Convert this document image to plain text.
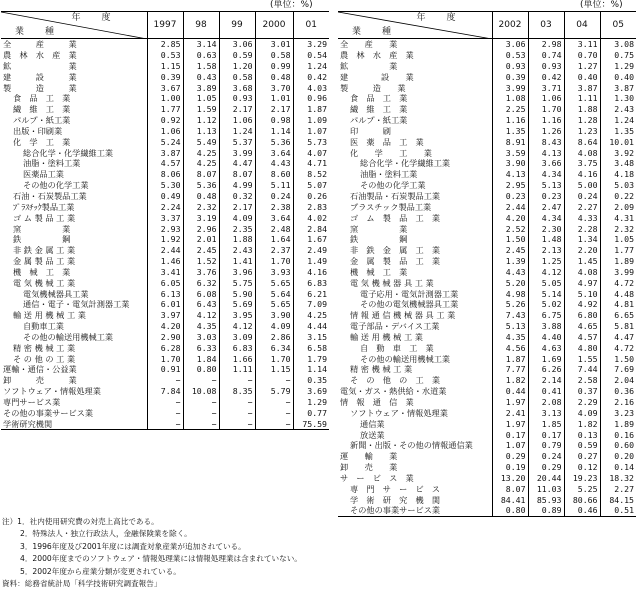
(単位：%)	(単位：%)
年　度
業　種	1997	98	99	2000	01
全　　　産　　　業	2.85	3.14	3.06	3.01	3.29
農　林　水　産　業	0.53	0.63	0.59	0.58	0.54
鉱　　　　　　　業	1.15	1.58	1.20	0.99	1.24
建　　　設　　　業	0.39	0.43	0.58	0.48	0.42
製　　　造　　　業	3.67	3.89	3.68	3.70	4.03
食　品　工　業	1.00	1.05	0.93	1.01	0.96
繊　維　工　業	1.77	1.59	2.17	2.17	1.87
パルプ・紙工業	0.92	1.12	1.06	0.98	1.09
出版・印刷業	1.06	1.13	1.24	1.14	1.07
化　学　工　業	5.24	5.49	5.37	5.36	5.73
総合化学・化学繊維工業	3.87	4.25	3.99	3.64	4.07
油脂・塗料工業	4.57	4.25	4.47	4.43	4.71
医薬品工業	8.06	8.07	8.07	8.60	8.52
その他の化学工業	5.30	5.36	4.99	5.11	5.07
石油・石炭製品工業	0.49	0.48	0.32	0.24	0.26
ﾌﾟﾗｽﾁｯｸ製品工業	2.24	2.32	2.17	2.38	2.83
ゴ ム 製 品 工 業	3.37	3.19	4.09	3.64	4.02
窯　　　　　業	2.93	2.96	2.35	2.48	2.84
鉄　　　　　鋼	1.92	2.01	1.88	1.64	1.67
非 鉄 金 属 工 業	2.44	2.45	2.43	2.37	2.49
金 属 製 品 工 業	1.46	1.52	1.41	1.70	1.49
機　械　工　業	3.41	3.76	3.96	3.93	4.16
電 気 機 械 工 業	6.05	6.32	5.75	5.65	6.83
電気機械器具工業	6.13	6.08	5.90	5.64	6.21
通信・電子・電気計測器工業	6.01	6.43	5.69	5.65	7.09
輸 送 用 機 械 工 業	3.97	4.12	3.95	3.90	4.25
自動車工業	4.20	4.35	4.12	4.09	4.44
その他の輸送用機械工業	2.90	3.03	3.09	2.86	3.15
精 密 機 械 工 業	6.28	6.33	6.83	6.34	6.58
そ の 他 の 工 業	1.70	1.84	1.66	1.70	1.79
運輸・通信・公益業	0.91	0.80	1.11	1.15	1.14
卸　　　売　　　業	−	−	−	−	0.35
ソフトウェア・情報処理業	7.84	10.08	8.35	5.79	3.69
専門サービス業	−	−	−	−	1.29
その他の事業サービス業	−	−	−	−	0.77
学術研究機関	−	−	−	−	75.59
年　度
業　種	2002	03	04	05
全　　産　　業	3.06	2.98	3.11	3.08
農　林　水　産　業	0.53	0.74	0.70	0.75
鉱　　　　　業	0.93	0.93	1.27	1.29
建　　　　設　　業	0.39	0.42	0.40	0.40
製　　　造　　業	3.99	3.71	3.87	3.87
食　品　工　業	1.08	1.06	1.11	1.30
繊　維　工　業	2.25	1.70	1.88	2.43
パルプ・紙工業	1.16	1.16	1.28	1.24
印　　　刷	1.35	1.26	1.23	1.35
医　薬　品　工　業	8.91	8.43	8.64	10.01
化　　学　　工　　業	3.59	4.13	4.08	3.92
総合化学・化学繊維工業	3.90	3.66	3.75	3.48
油脂・塗料工業	4.13	4.34	4.16	4.18
その他の化学工業	2.95	5.13	5.00	5.03
石油製品・石炭製品工業	0.23	0.23	0.24	0.22
プラスチック製品工業	2.44	2.47	2.27	2.09
ゴ　ム　製　品　工　業	4.20	4.34	4.33	4.31
窯　　　　　業	2.52	2.30	2.28	2.32
鉄　　　　　鋼	1.50	1.48	1.34	1.05
非　鉄　金　属　工　業	2.45	2.13	2.20	1.77
金　属　製　品　工　業	1.39	1.25	1.45	1.89
機　械　工　業	4.43	4.12	4.08	3.99
電 気 機 械 器 具 工 業	5.20	5.05	4.97	4.72
電子応用・電気計測器工業	4.98	5.14	5.10	4.48
その他の電気機械器具工業	5.26	5.02	4.92	4.81
情 報 通 信 機 械 器 具 工 業	7.43	6.75	6.80	6.65
電子部品・デバイス工業	5.13	3.88	4.65	5.81
輸 送 用 機 械 工 業	4.35	4.40	4.57	4.47
自　動　車　工　業	4.56	4.63	4.80	4.72
その他の輸送用機械工業	1.87	1.69	1.55	1.50
精 密 機 械 工 業	7.77	6.26	7.44	7.69
そ　の　他　の　工　業	1.82	2.14	2.58	2.04
電気・ガス・熱供給・水道業	0.44	0.41	0.37	0.36
情　報　通　信　業	1.97	2.08	2.29	2.16
ソフトウェア・情報処理業	2.41	3.13	4.09	3.23
通信業	1.97	1.85	1.82	1.89
放送業	0.17	0.17	0.13	0.16
新聞・出版・その他の情報通信業	1.07	0.79	0.59	0.60
運　　輸　　業	0.29	0.24	0.27	0.20
卸　　売　　業	0.19	0.29	0.12	0.14
サ　ー　ビ　ス　業	13.20	20.44	19.23	18.32
専　門　サ　ー　ビ　ス	8.07	11.03	5.25	2.27
学　術　研　究　機　関	84.41	85.93	80.66	84.15
その他の事業サービス業	0.80	0.89	0.46	0.51
注）1．社内使用研究費の対売上高比である。
2．特殊法人・独立行政法人，金融保険業を除く。
3．1996年度及び2001年度には調査対象産業が追加されている。
4．2000年度までのソフトウェア・情報処理業には情報処理業は含まれていない。
5．2002年度から産業分類が変更されている。
資料：総務省統計局「科学技術研究調査報告」
